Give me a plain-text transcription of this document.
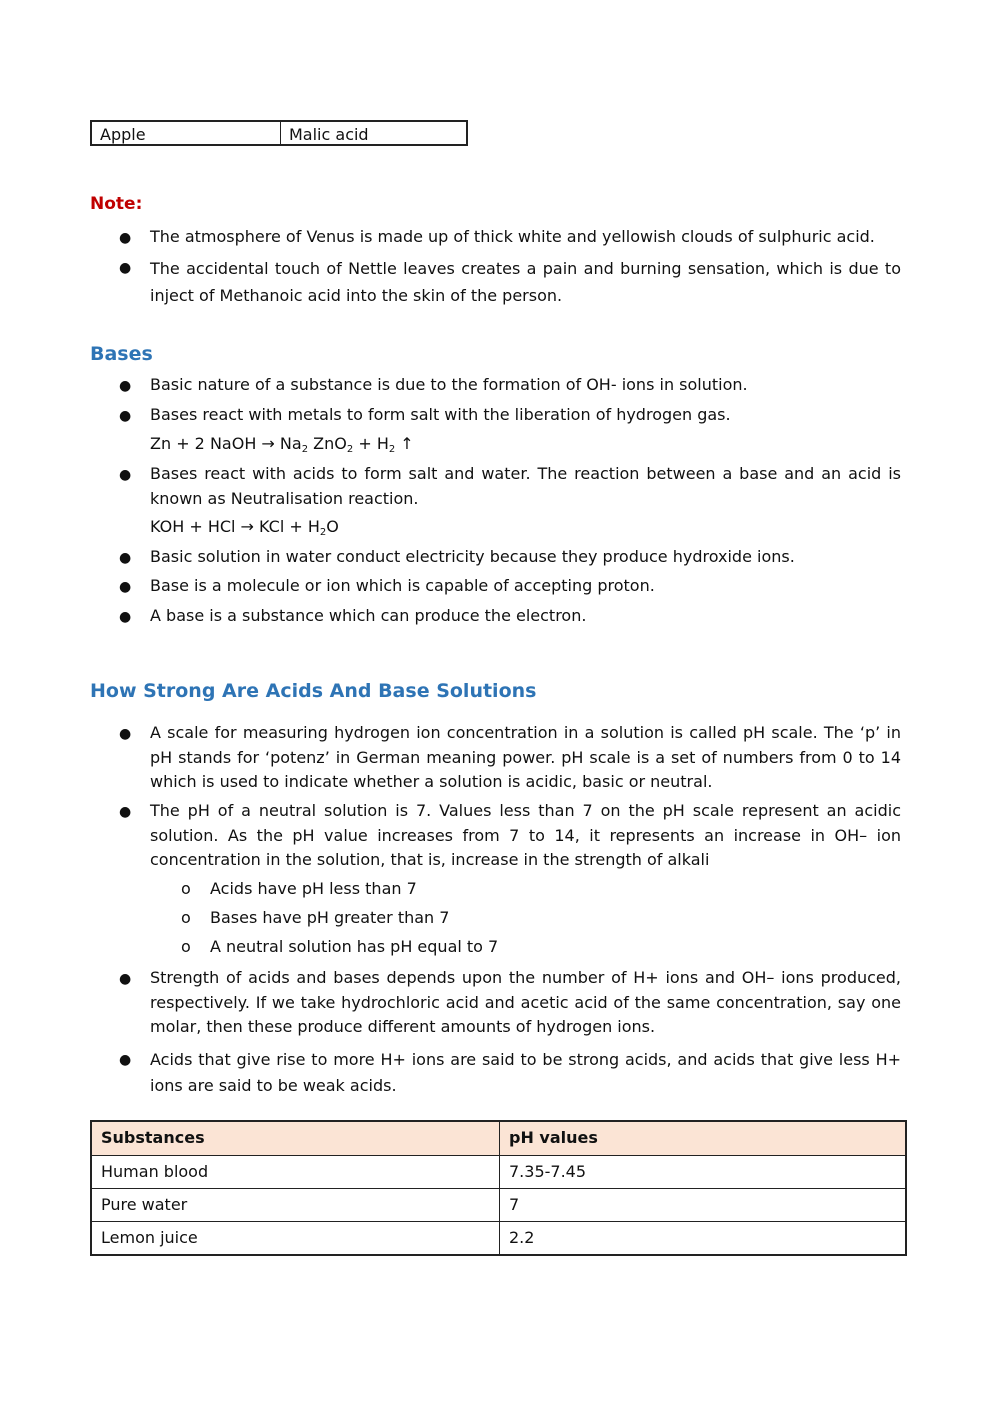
Apple	Malic acid
Note:
● The atmosphere of Venus is made up of thick white and yellowish clouds of sulphuric acid.
● The accidental touch of Nettle leaves creates a pain and burning sensation, which is due to inject of Methanoic acid into the skin of the person.
Bases
● Basic nature of a substance is due to the formation of OH- ions in solution.
● Bases react with metals to form salt with the liberation of hydrogen gas.
Zn + 2 NaOH → $Na_2$ $ZnO_2 + H_2$ ↑
● Bases react with acids to form salt and water. The reaction between a base and an acid is known as Neutralisation reaction.
KOH + HCl → KCl + $H_2O$
● Basic solution in water conduct electricity because they produce hydroxide ions.
● Base is a molecule or ion which is capable of accepting proton.
● A base is a substance which can produce the electron.
How Strong Are Acids And Base Solutions
● A scale for measuring hydrogen ion concentration in a solution is called pH scale. The ‘p’ in pH stands for ‘potenz’ in German meaning power. pH scale is a set of numbers from 0 to 14 which is used to indicate whether a solution is acidic, basic or neutral.
● The pH of a neutral solution is 7. Values less than 7 on the pH scale represent an acidic solution. As the pH value increases from 7 to 14, it represents an increase in OH– ion concentration in the solution, that is, increase in the strength of alkali
o Acids have pH less than 7
o Bases have pH greater than 7
o A neutral solution has pH equal to 7
● Strength of acids and bases depends upon the number of H+ ions and OH– ions produced, respectively. If we take hydrochloric acid and acetic acid of the same concentration, say one molar, then these produce different amounts of hydrogen ions.
● Acids that give rise to more H+ ions are said to be strong acids, and acids that give less H+ ions are said to be weak acids.
Substances	pH values
Human blood	7.35-7.45
Pure water	7
Lemon juice	2.2
